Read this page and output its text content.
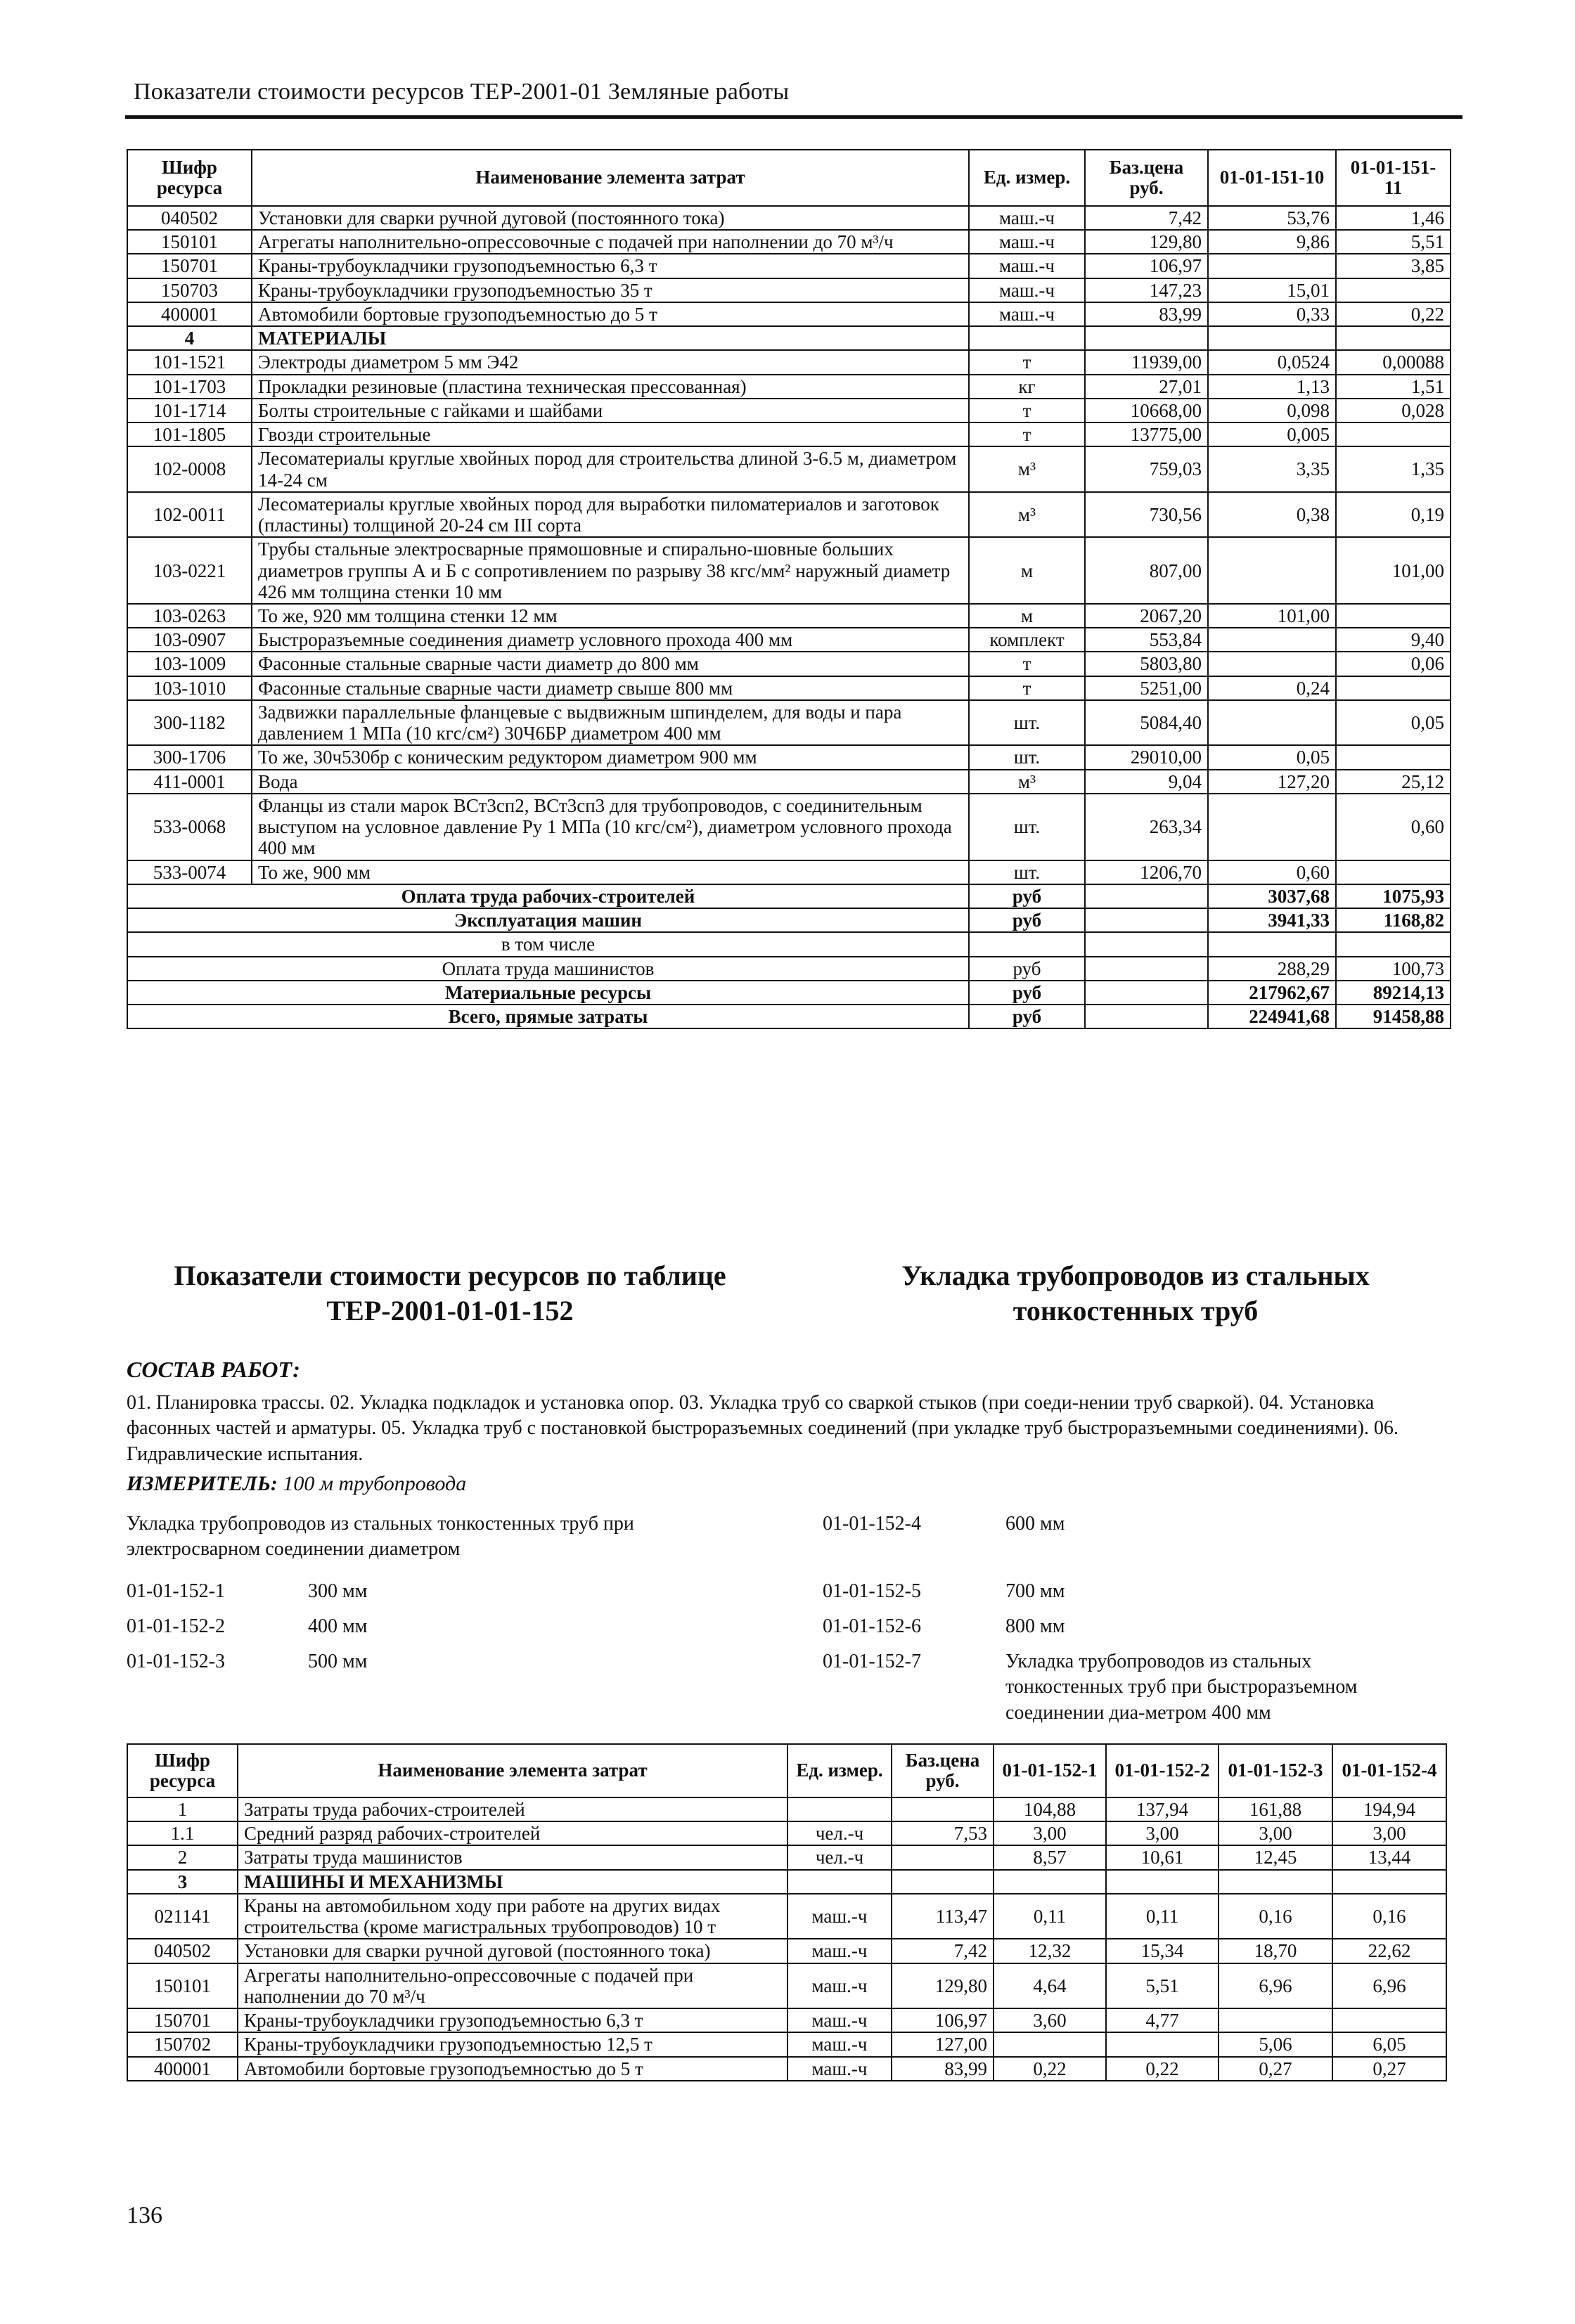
Показатели стоимости ресурсов ТЕР-2001-01 Земляные работы
Шифр ресурса	Наименование элемента затрат	Ед. измер.	Баз.цена руб.	01-01-151-10	01-01-151-11
040502	Установки для сварки ручной дуговой (постоянного тока)	маш.-ч	7,42	53,76	1,46
150101	Агрегаты наполнительно-опрессовочные с подачей при наполнении до 70 м³/ч	маш.-ч	129,80	9,86	5,51
150701	Краны-трубоукладчики грузоподъемностью 6,3 т	маш.-ч	106,97		3,85
150703	Краны-трубоукладчики грузоподъемностью 35 т	маш.-ч	147,23	15,01	
400001	Автомобили бортовые грузоподъемностью до 5 т	маш.-ч	83,99	0,33	0,22
4	МАТЕРИАЛЫ				
101-1521	Электроды диаметром 5 мм Э42	т	11939,00	0,0524	0,00088
101-1703	Прокладки резиновые (пластина техническая прессованная)	кг	27,01	1,13	1,51
101-1714	Болты строительные с гайками и шайбами	т	10668,00	0,098	0,028
101-1805	Гвозди строительные	т	13775,00	0,005	
102-0008	Лесоматериалы круглые хвойных пород для строительства длиной 3-6.5 м, диаметром 14-24 см	м³	759,03	3,35	1,35
102-0011	Лесоматериалы круглые хвойных пород для выработки пиломатериалов и заготовок (пластины) толщиной 20-24 см III сорта	м³	730,56	0,38	0,19
103-0221	Трубы стальные электросварные прямошовные и спирально-шовные больших диаметров группы А и Б с сопротивлением по разрыву 38 кгс/мм² наружный диаметр 426 мм толщина стенки 10 мм	м	807,00		101,00
103-0263	То же, 920 мм толщина стенки 12 мм	м	2067,20	101,00	
103-0907	Быстроразъемные соединения диаметр условного прохода 400 мм	комплект	553,84		9,40
103-1009	Фасонные стальные сварные части диаметр до 800 мм	т	5803,80		0,06
103-1010	Фасонные стальные сварные части диаметр свыше 800 мм	т	5251,00	0,24	
300-1182	Задвижки параллельные фланцевые с выдвижным шпинделем, для воды и пара давлением 1 МПа (10 кгс/см²) 30Ч6БР диаметром 400 мм	шт.	5084,40		0,05
300-1706	То же, 30ч530бр с коническим редуктором диаметром 900 мм	шт.	29010,00	0,05	
411-0001	Вода	м³	9,04	127,20	25,12
533-0068	Фланцы из стали марок ВСт3сп2, ВСт3сп3 для трубопроводов, с соединительным выступом на условное давление Ру 1 МПа (10 кгс/см²), диаметром условного прохода 400 мм	шт.	263,34		0,60
533-0074	То же, 900 мм	шт.	1206,70	0,60	
Оплата труда рабочих-строителей		руб		3037,68	1075,93
Эксплуатация машин		руб		3941,33	1168,82
в том числе					
Оплата труда машинистов		руб		288,29	100,73
Материальные ресурсы		руб		217962,67	89214,13
Всего, прямые затраты		руб		224941,68	91458,88
Показатели стоимости ресурсов по таблице ТЕР-2001-01-01-152
Укладка трубопроводов из стальных тонкостенных труб
СОСТАВ РАБОТ:
01. Планировка трассы. 02. Укладка подкладок и установка опор. 03. Укладка труб со сваркой стыков (при соеди-нении труб сваркой). 04. Установка фасонных частей и арматуры. 05. Укладка труб с постановкой быстроразъемных соединений (при укладке труб быстроразъемными соединениями). 06. Гидравлические испытания.
ИЗМЕРИТЕЛЬ: 100 м трубопровода
Укладка трубопроводов из стальных тонкостенных труб при электросварном соединении диаметром
01-01-152-1	300 мм
01-01-152-2	400 мм
01-01-152-3	500 мм
01-01-152-4	600 мм
01-01-152-5	700 мм
01-01-152-6	800 мм
01-01-152-7	Укладка трубопроводов из стальных тонкостенных труб при быстроразъемном соединении диа-метром 400 мм
Шифр ресурса	Наименование элемента затрат	Ед. измер.	Баз.цена руб.	01-01-152-1	01-01-152-2	01-01-152-3	01-01-152-4
1	Затраты труда рабочих-строителей			104,88	137,94	161,88	194,94
1.1	Средний разряд рабочих-строителей	чел.-ч	7,53	3,00	3,00	3,00	3,00
2	Затраты труда машинистов	чел.-ч		8,57	10,61	12,45	13,44
3	МАШИНЫ И МЕХАНИЗМЫ						
021141	Краны на автомобильном ходу при работе на других видах строительства (кроме магистральных трубопроводов) 10 т	маш.-ч	113,47	0,11	0,11	0,16	0,16
040502	Установки для сварки ручной дуговой (постоянного тока)	маш.-ч	7,42	12,32	15,34	18,70	22,62
150101	Агрегаты наполнительно-опрессовочные с подачей при наполнении до 70 м³/ч	маш.-ч	129,80	4,64	5,51	6,96	6,96
150701	Краны-трубоукладчики грузоподъемностью 6,3 т	маш.-ч	106,97	3,60	4,77		
150702	Краны-трубоукладчики грузоподъемностью 12,5 т	маш.-ч	127,00			5,06	6,05
400001	Автомобили бортовые грузоподъемностью до 5 т	маш.-ч	83,99	0,22	0,22	0,27	0,27
136
